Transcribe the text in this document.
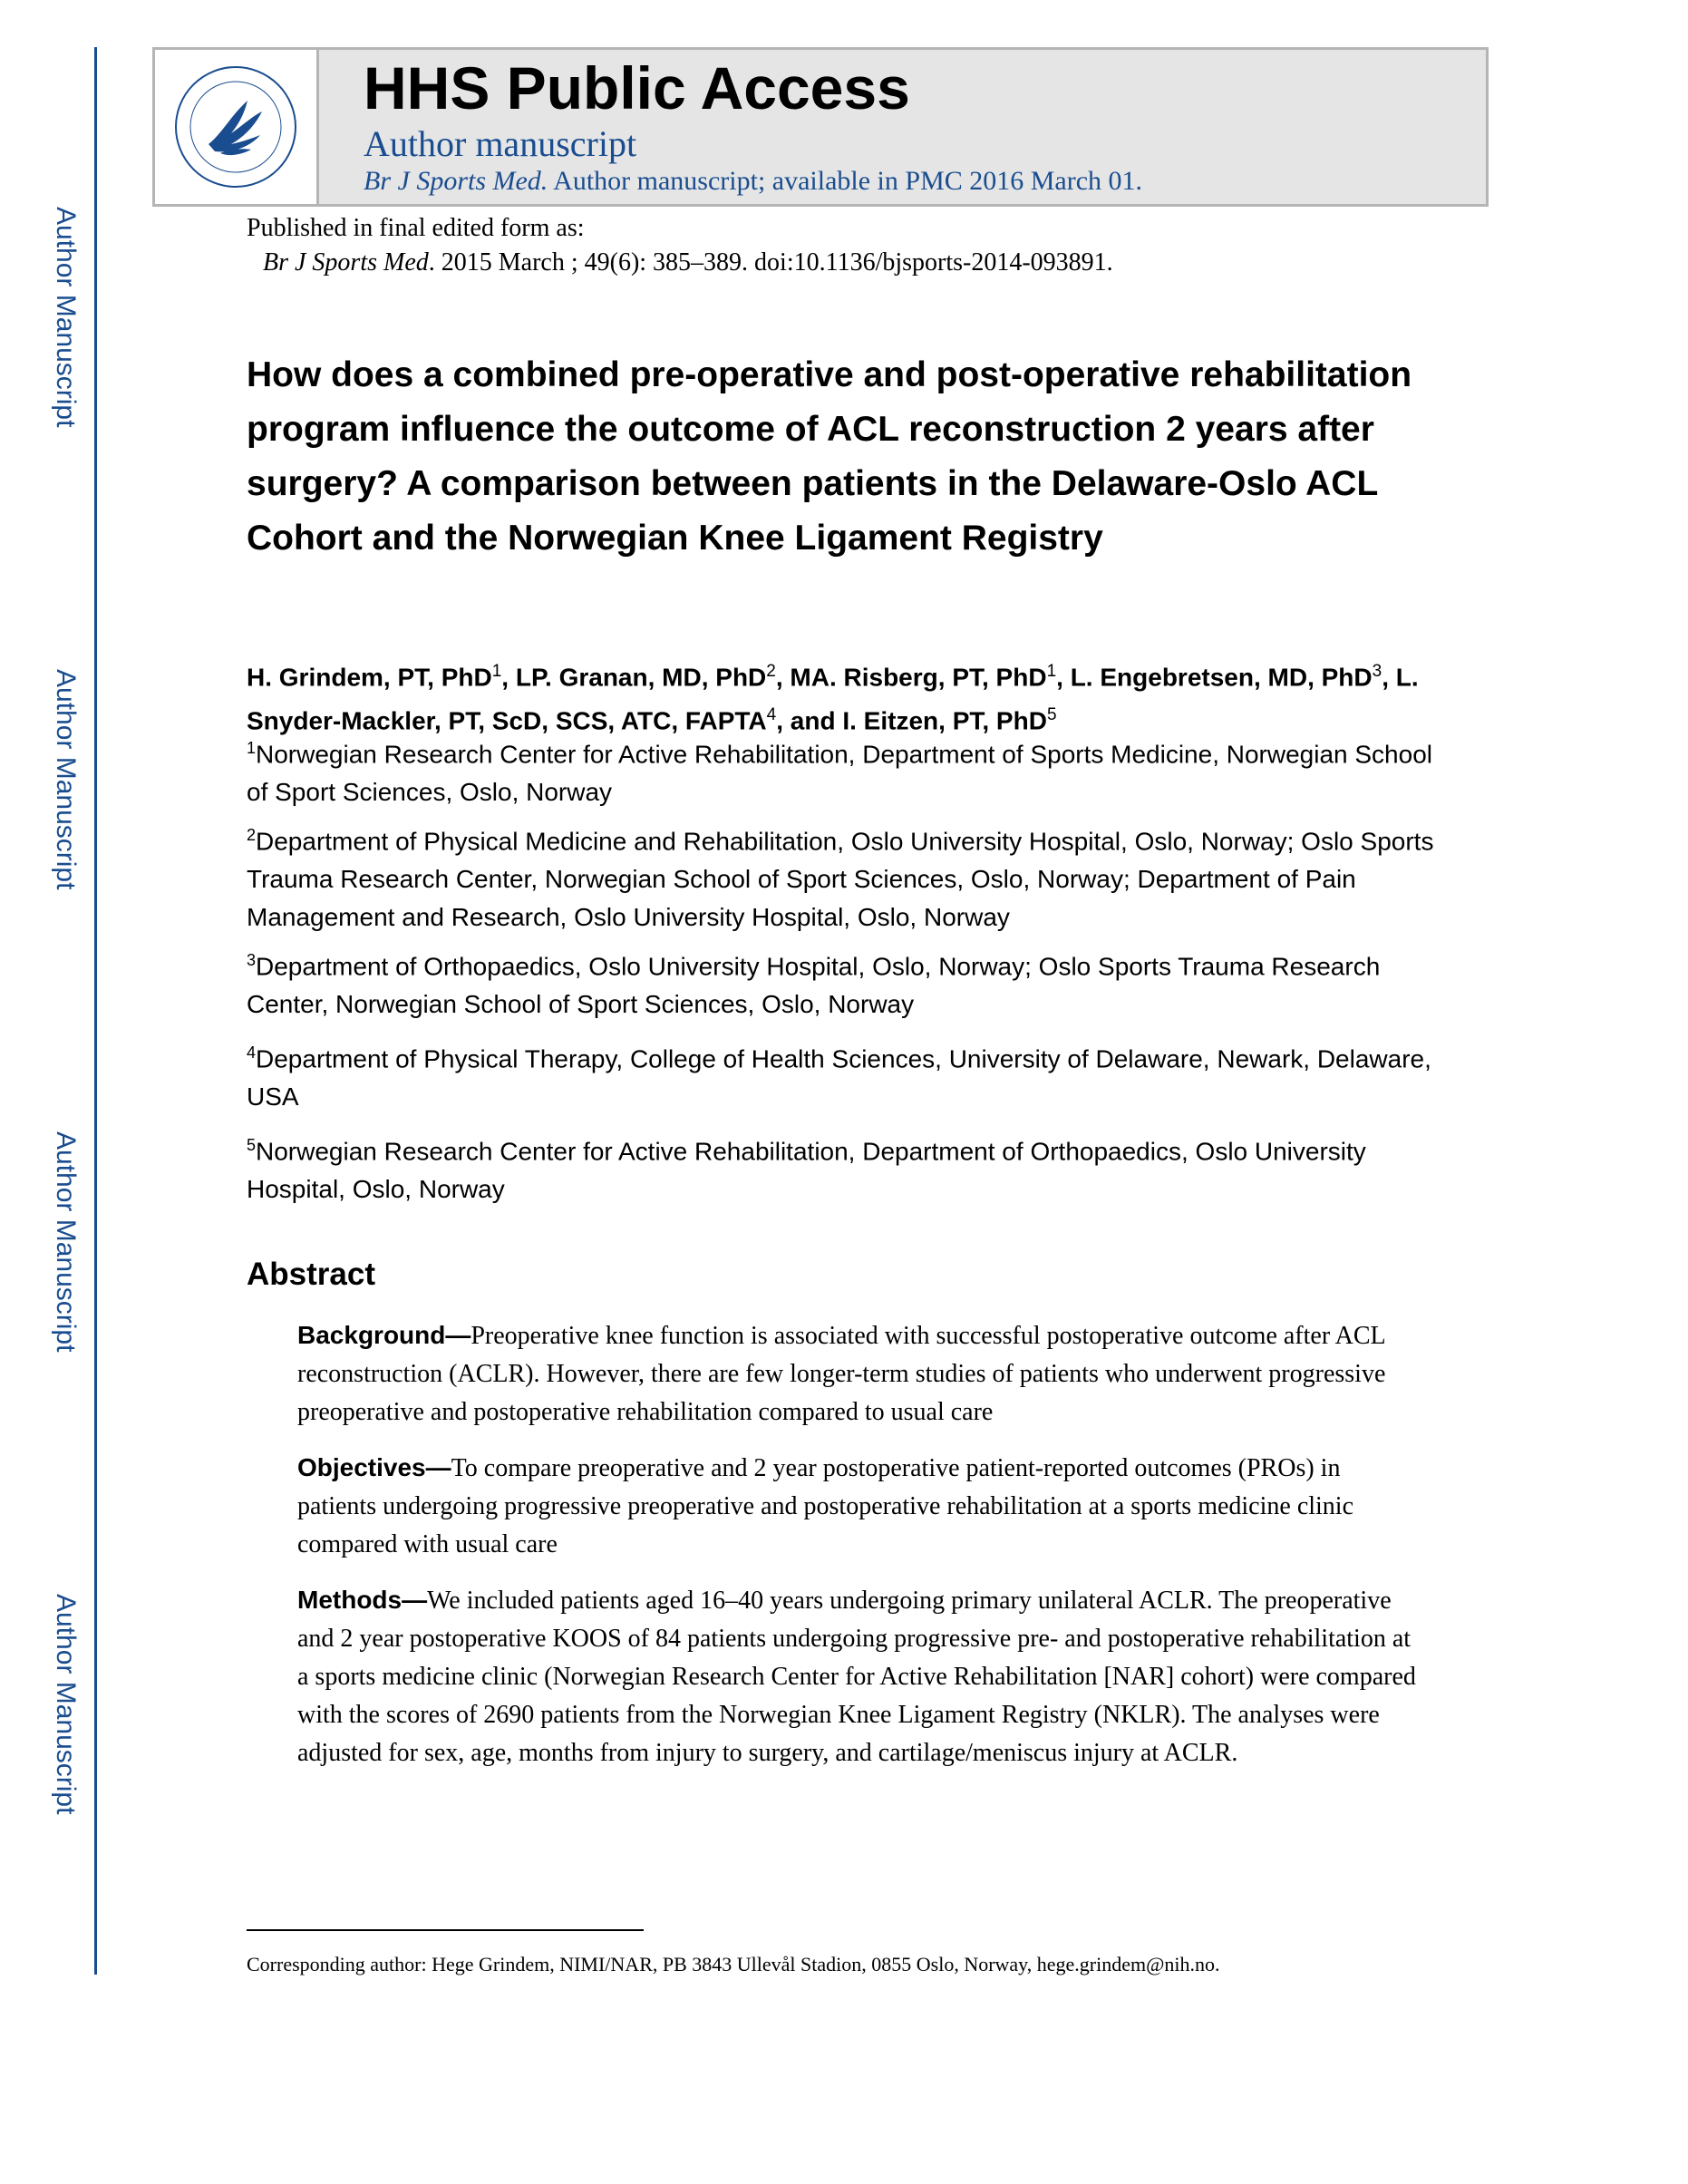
Author Manuscript
Author Manuscript
Author Manuscript
Author Manuscript
HHS Public Access
Author manuscript
Br J Sports Med. Author manuscript; available in PMC 2016 March 01.
Published in final edited form as:
Br J Sports Med. 2015 March ; 49(6): 385–389. doi:10.1136/bjsports-2014-093891.
How does a combined pre-operative and post-operative rehabilitation program influence the outcome of ACL reconstruction 2 years after surgery? A comparison between patients in the Delaware-Oslo ACL Cohort and the Norwegian Knee Ligament Registry
H. Grindem, PT, PhD$^1$, LP. Granan, MD, PhD$^2$, MA. Risberg, PT, PhD$^1$, L. Engebretsen, MD, PhD$^3$, L. Snyder-Mackler, PT, ScD, SCS, ATC, FAPTA$^4$, and I. Eitzen, PT, PhD$^5$
$^1$Norwegian Research Center for Active Rehabilitation, Department of Sports Medicine, Norwegian School of Sport Sciences, Oslo, Norway
$^2$Department of Physical Medicine and Rehabilitation, Oslo University Hospital, Oslo, Norway; Oslo Sports Trauma Research Center, Norwegian School of Sport Sciences, Oslo, Norway; Department of Pain Management and Research, Oslo University Hospital, Oslo, Norway
$^3$Department of Orthopaedics, Oslo University Hospital, Oslo, Norway; Oslo Sports Trauma Research Center, Norwegian School of Sport Sciences, Oslo, Norway
$^4$Department of Physical Therapy, College of Health Sciences, University of Delaware, Newark, Delaware, USA
$^5$Norwegian Research Center for Active Rehabilitation, Department of Orthopaedics, Oslo University Hospital, Oslo, Norway
Abstract
Background—Preoperative knee function is associated with successful postoperative outcome after ACL reconstruction (ACLR). However, there are few longer-term studies of patients who underwent progressive preoperative and postoperative rehabilitation compared to usual care
Objectives—To compare preoperative and 2 year postoperative patient-reported outcomes (PROs) in patients undergoing progressive preoperative and postoperative rehabilitation at a sports medicine clinic compared with usual care
Methods—We included patients aged 16–40 years undergoing primary unilateral ACLR. The preoperative and 2 year postoperative KOOS of 84 patients undergoing progressive pre- and postoperative rehabilitation at a sports medicine clinic (Norwegian Research Center for Active Rehabilitation [NAR] cohort) were compared with the scores of 2690 patients from the Norwegian Knee Ligament Registry (NKLR). The analyses were adjusted for sex, age, months from injury to surgery, and cartilage/meniscus injury at ACLR.
Corresponding author: Hege Grindem, NIMI/NAR, PB 3843 Ullevål Stadion, 0855 Oslo, Norway, hege.grindem@nih.no.
